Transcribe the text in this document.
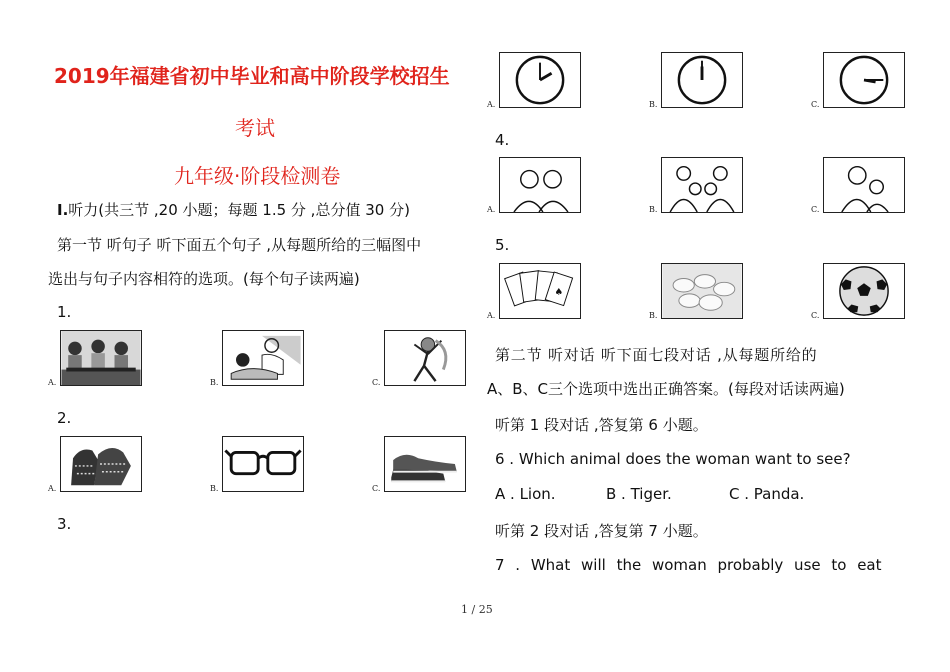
2019年福建省初中毕业和高中阶段学校招生
考试
九年级·阶段检测卷
I.听力(共三节 ,20 小题；每题 1.5 分 ,总分值 30 分)
第一节 听句子 听下面五个句子 ,从每题所给的三幅图中
选出与句子内容相符的选项。(每个句子读两遍)
1.
2.
3.
A.	B.	C.
A.	B.	C.
A.	B.	C.
4.
A.	B.	C.
5.
♠
A.	B.	C.
第二节 听对话 听下面七段对话 ,从每题所给的
A、B、C三个选项中选出正确答案。(每段对话读两遍)
听第 1 段对话 ,答复第 6 小题。
6 . Which animal does the woman want to see?
A . Lion.	B . Tiger.	C . Panda.
听第 2 段对话 ,答复第 7 小题。
7 . What will the woman probably use to eat
1 / 25
